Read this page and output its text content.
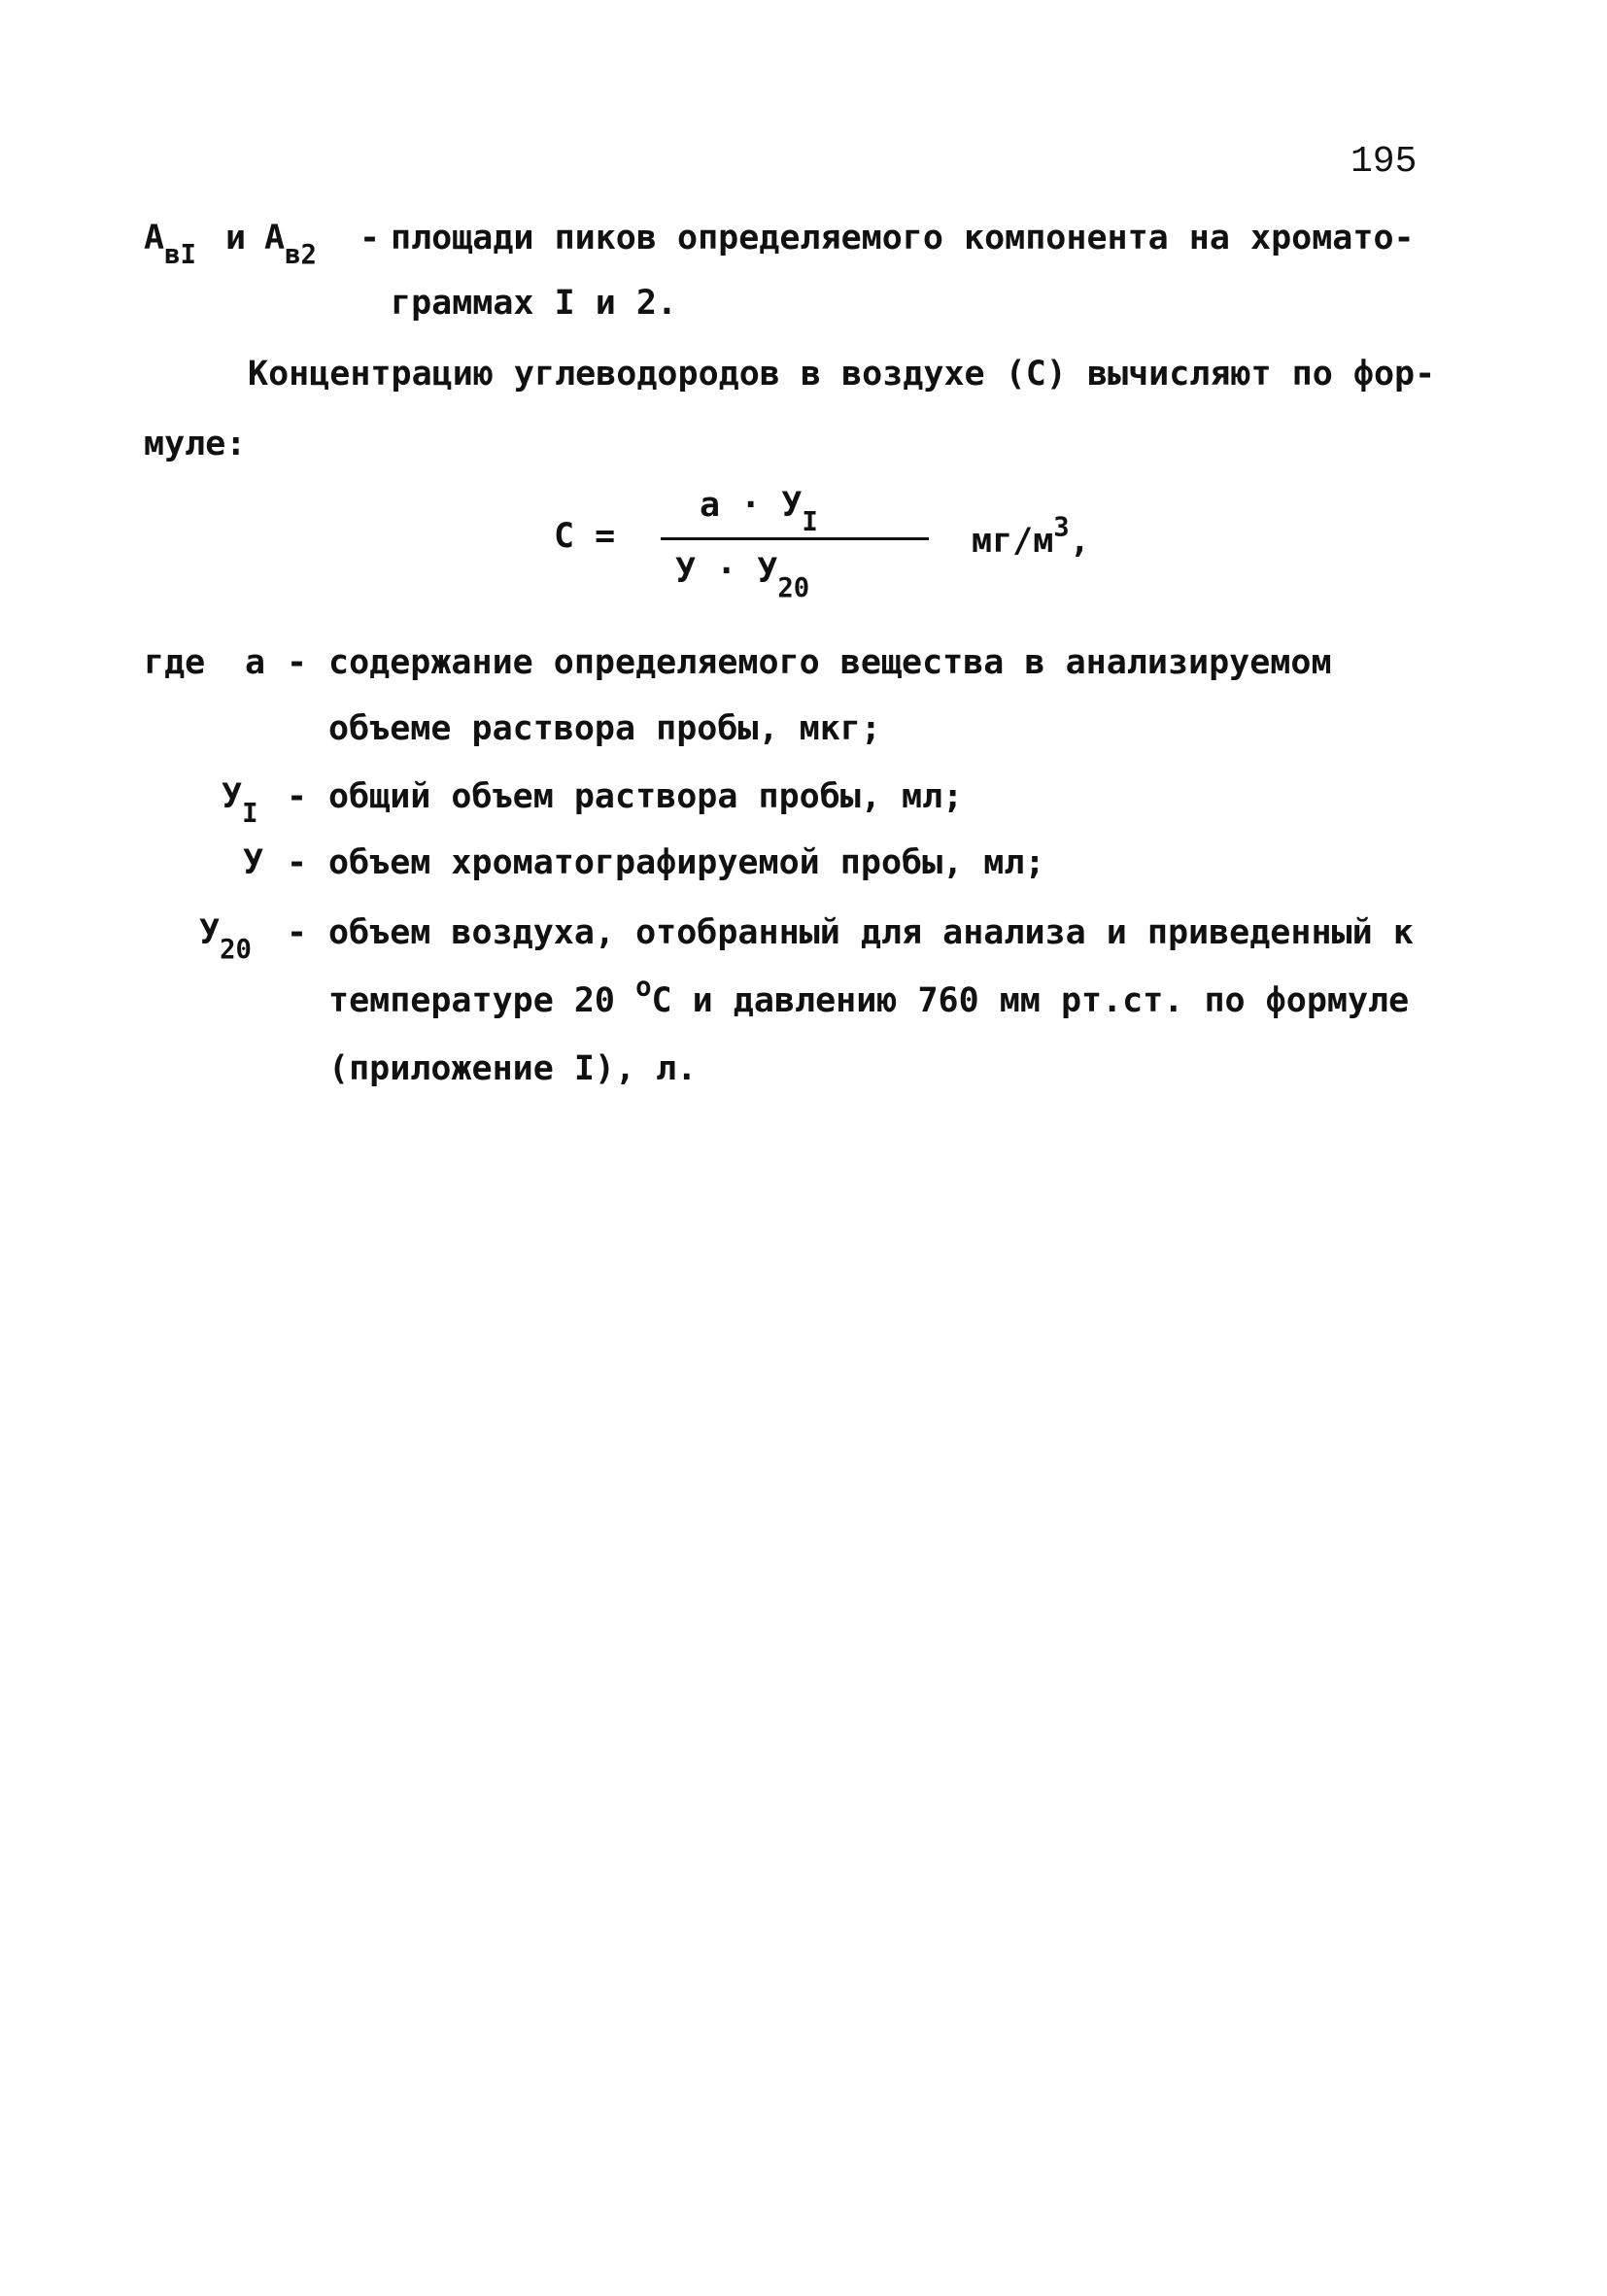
195
$A_{вI}$ и $A_{в2}$ - площади пиков определяемого компонента на хромато-
граммах I и 2.
Концентрацию углеводородов в воздухе (С) вычисляют по фор-
муле:
С =
$а \cdot У_I$
$У \cdot У_{20}$
$мг/м^3$,
где а - содержание определяемого вещества в анализируемом
объеме раствора пробы, мкг;
$У_I$ - общий объем раствора пробы, мл;
У - объем хроматографируемой пробы, мл;
$У_{20}$ - объем воздуха, отобранный для анализа и приведенный к
температуре 20 $^о$С и давлению 760 мм рт.ст. по формуле
(приложение I), л.
